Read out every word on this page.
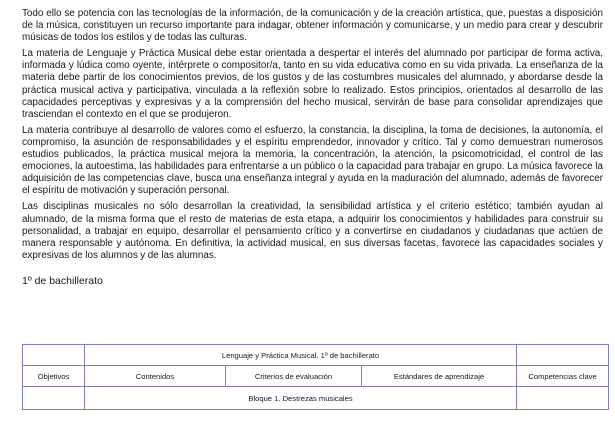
Todo ello se potencia con las tecnologías de la información, de la comunicación y de la creación artística, que, puestas a disposición de la música, constituyen un recurso importante para indagar, obtener información y comunicarse, y un medio para crear y descubrir músicas de todos los estilos y de todas las culturas.

La materia de Lenguaje y Práctica Musical debe estar orientada a despertar el interés del alumnado por participar de forma activa, informada y lúdica como oyente, intérprete o compositor/a, tanto en su vida educativa como en su vida privada. La enseñanza de la materia debe partir de los conocimientos previos, de los gustos y de las costumbres musicales del alumnado, y abordarse desde la práctica musical activa y participativa, vinculada a la reflexión sobre lo realizado. Estos principios, orientados al desarrollo de las capacidades perceptivas y expresivas y a la comprensión del hecho musical, servirán de base para consolidar aprendizajes que trasciendan el contexto en el que se produjeron.

La materia contribuye al desarrollo de valores como el esfuerzo, la constancia, la disciplina, la toma de decisiones, la autonomía, el compromiso, la asunción de responsabilidades y el espíritu emprendedor, innovador y crítico. Tal y como demuestran numerosos estudios publicados, la práctica musical mejora la memoria, la concentración, la atención, la psicomotricidad, el control de las emociones, la autoestima, las habilidades para enfrentarse a un público o la capacidad para trabajar en grupo. La música favorece la adquisición de las competencias clave, busca una enseñanza integral y ayuda en la maduración del alumnado, además de favorecer el espíritu de motivación y superación personal.

Las disciplinas musicales no sólo desarrollan la creatividad, la sensibilidad artística y el criterio estético; también ayudan al alumnado, de la misma forma que el resto de materias de esta etapa, a adquirir los conocimientos y habilidades para construir su personalidad, a trabajar en equipo, desarrollar el pensamiento crítico y a convertirse en ciudadanos y ciudadanas que actúen de manera responsable y autónoma. En definitiva, la actividad musical, en sus diversas facetas, favorece las capacidades sociales y expresivas de los alumnos y de las alumnas.

1º de bachillerato
	Lenguaje y Práctica Musical. 1º de bachillerato			
Objetivos	Contenidos	Criterios de evaluación	Estándares de aprendizaje	Competencias clave
	Bloque 1. Destrezas musicales			
